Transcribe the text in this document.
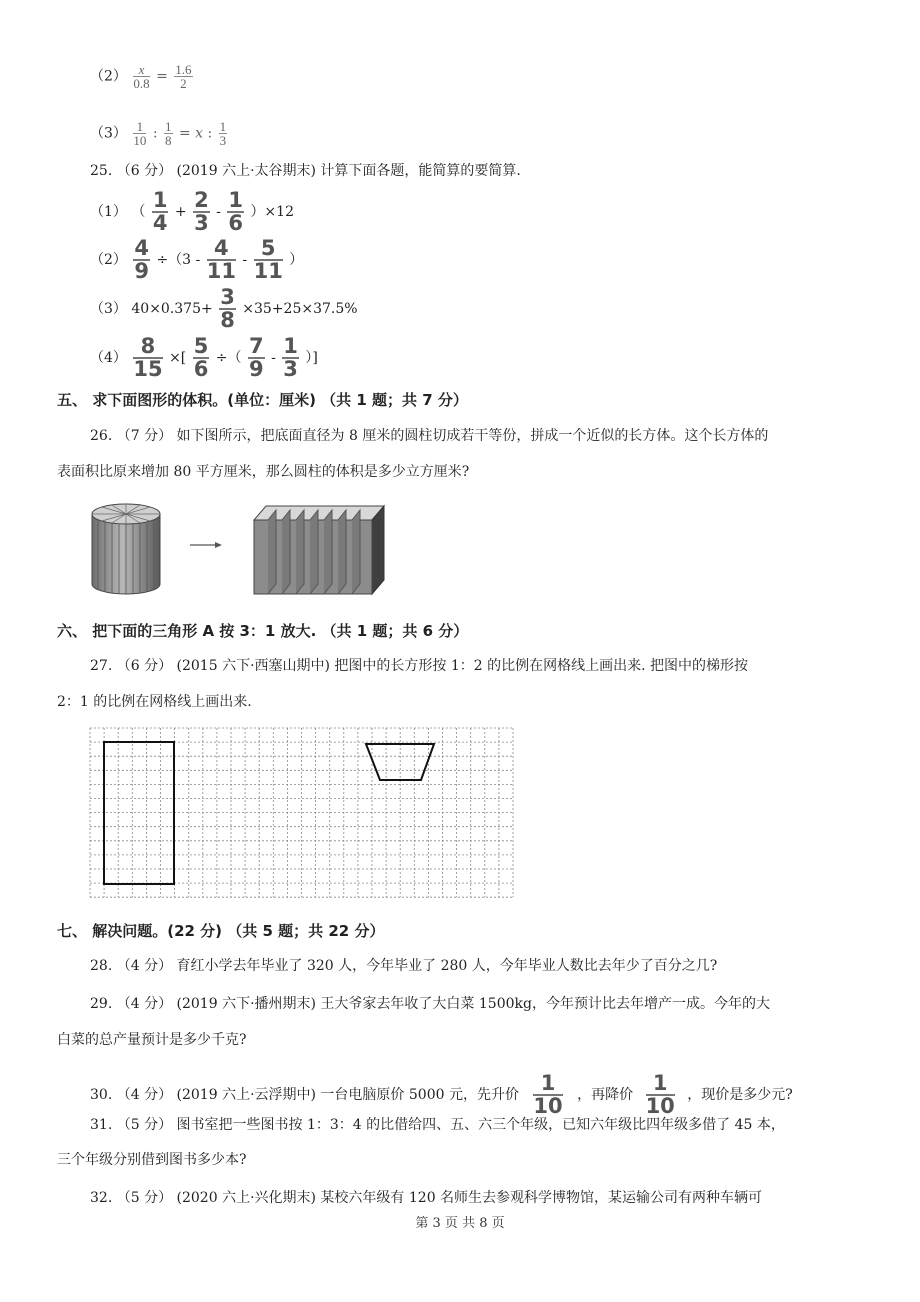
$(2) \frac{x}{0.8} = \frac{1.6}{2}$
$(3) \frac{1}{10}$ : $\frac{1}{8} = x$ : $\frac{1}{3}$
25. （6 分） (2019 六上·太谷期末) 计算下面各题，能简算的要简算.
（1） （ $\frac{1}{4} + \frac{2}{3} - \frac{1}{6} )\times 12$
$(2) \frac{4}{9} \div(3 - \frac{4}{11} - \frac{5}{11}$ ）
（3） $40\times 0.375+ \frac{3}{8} \times 35+25\times 37.5\%$
$(4) \frac{8}{15}$ ×[ $\frac{5}{6}$ ÷（ $\frac{7}{9} - \frac{1}{3}$ ）]
五、 求下面图形的体积。(单位：厘米) （共 1 题；共 7 分）
26. （7 分） 如下图所示，把底面直径为 8 厘米的圆柱切成若干等份，拼成一个近似的长方体。这个长方体的
表面积比原来增加 80 平方厘米，那么圆柱的体积是多少立方厘米?
六、 把下面的三角形 A 按 3：1 放大. （共 1 题；共 6 分）
27. （6 分） (2015 六下·西塞山期中) 把图中的长方形按 1：2 的比例在网格线上画出来. 把图中的梯形按
2：1 的比例在网格线上画出来.
七、 解决问题。(22 分) （共 5 题；共 22 分）
28. （4 分） 育红小学去年毕业了 320 人，今年毕业了 280 人，今年毕业人数比去年少了百分之几?
29. （4 分） (2019 六下·播州期末) 王大爷家去年收了大白菜 1500kg，今年预计比去年增产一成。今年的大
白菜的总产量预计是多少千克?
30. （4 分） (2019 六上·云浮期中) 一台电脑原价 5000 元，先升价 $\frac{1}{10}$ ，再降价 $\frac{1}{10}$ ，现价是多少元?
31. （5 分） 图书室把一些图书按 1：3：4 的比借给四、五、六三个年级，已知六年级比四年级多借了 45 本，
三个年级分别借到图书多少本?
32. （5 分） (2020 六上·兴化期末) 某校六年级有 120 名师生去参观科学博物馆，某运输公司有两种车辆可
第 3 页 共 8 页
